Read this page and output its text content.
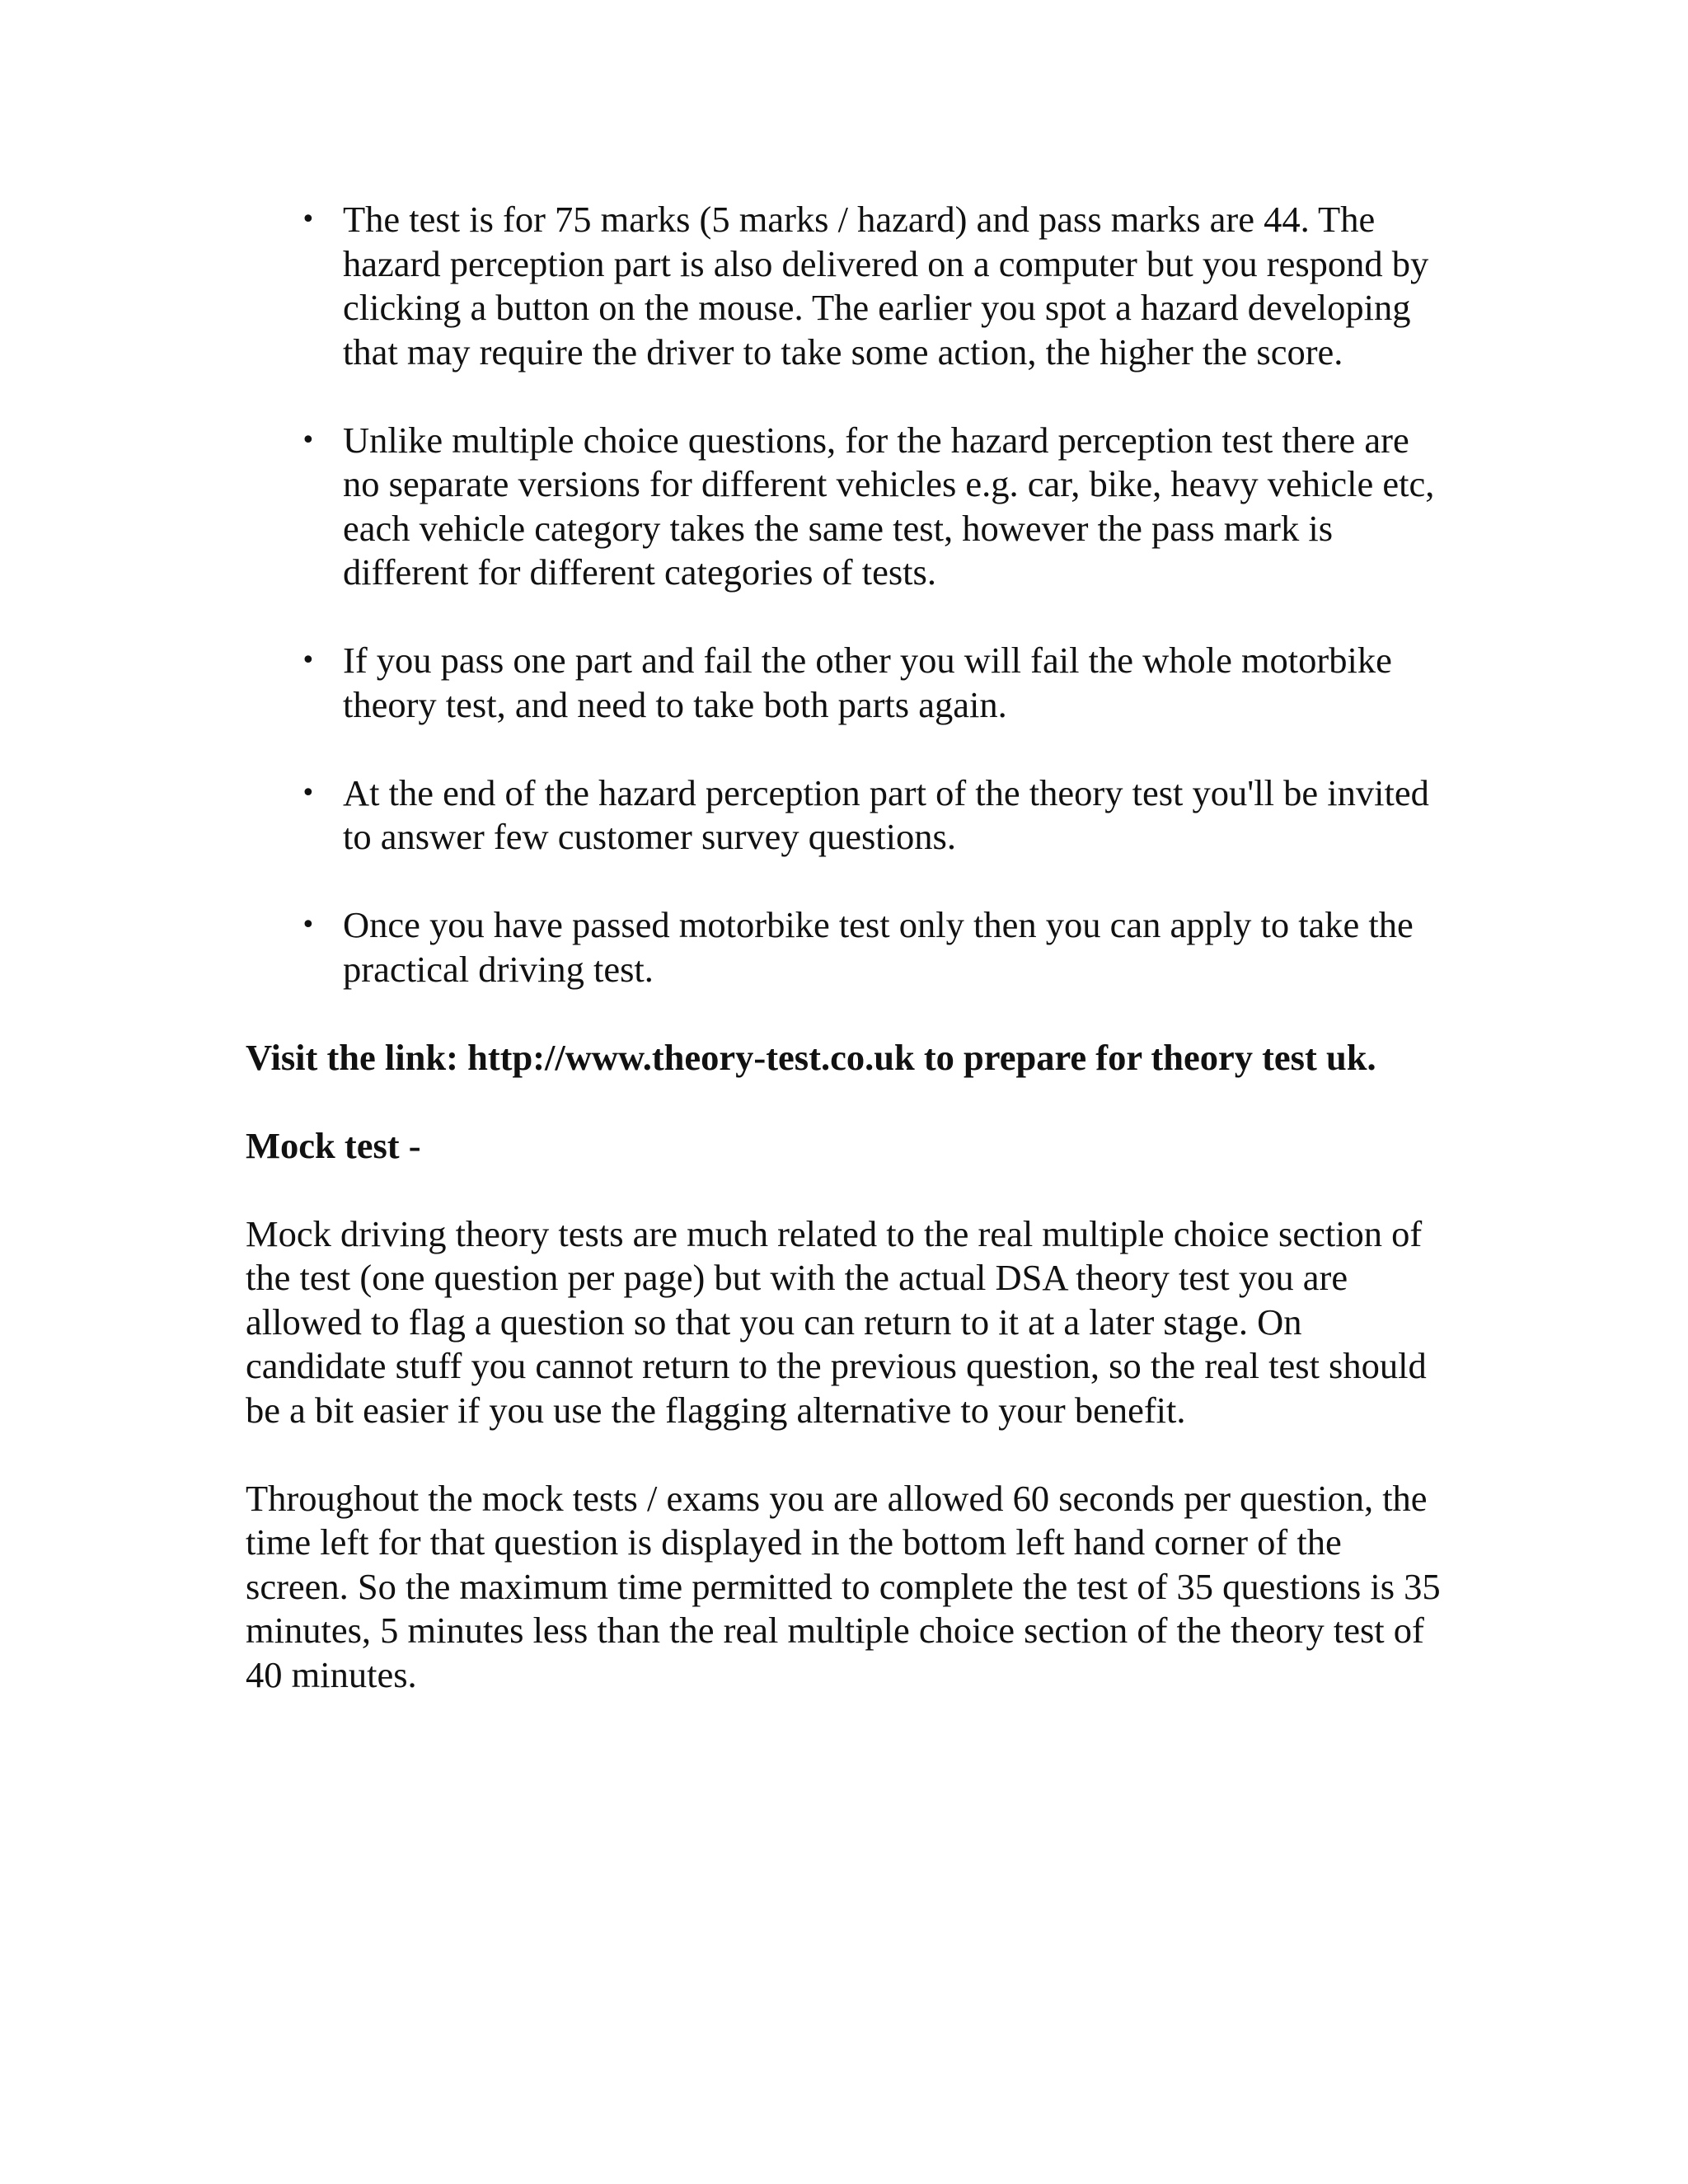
• The test is for 75 marks (5 marks / hazard) and pass marks are 44. The hazard perception part is also delivered on a computer but you respond by clicking a button on the mouse. The earlier you spot a hazard developing that may require the driver to take some action, the higher the score.
• Unlike multiple choice questions, for the hazard perception test there are no separate versions for different vehicles e.g. car, bike, heavy vehicle etc, each vehicle category takes the same test, however the pass mark is different for different categories of tests.
• If you pass one part and fail the other you will fail the whole motorbike theory test, and need to take both parts again.
• At the end of the hazard perception part of the theory test you'll be invited to answer few customer survey questions.
• Once you have passed motorbike test only then you can apply to take the practical driving test.

Visit the link: http://www.theory-test.co.uk to prepare for theory test uk.

Mock test -

Mock driving theory tests are much related to the real multiple choice section of the test (one question per page) but with the actual DSA theory test you are allowed to flag a question so that you can return to it at a later stage. On candidate stuff you cannot return to the previous question, so the real test should be a bit easier if you use the flagging alternative to your benefit.

Throughout the mock tests / exams you are allowed 60 seconds per question, the time left for that question is displayed in the bottom left hand corner of the screen. So the maximum time permitted to complete the test of 35 questions is 35 minutes, 5 minutes less than the real multiple choice section of the theory test of 40 minutes.
